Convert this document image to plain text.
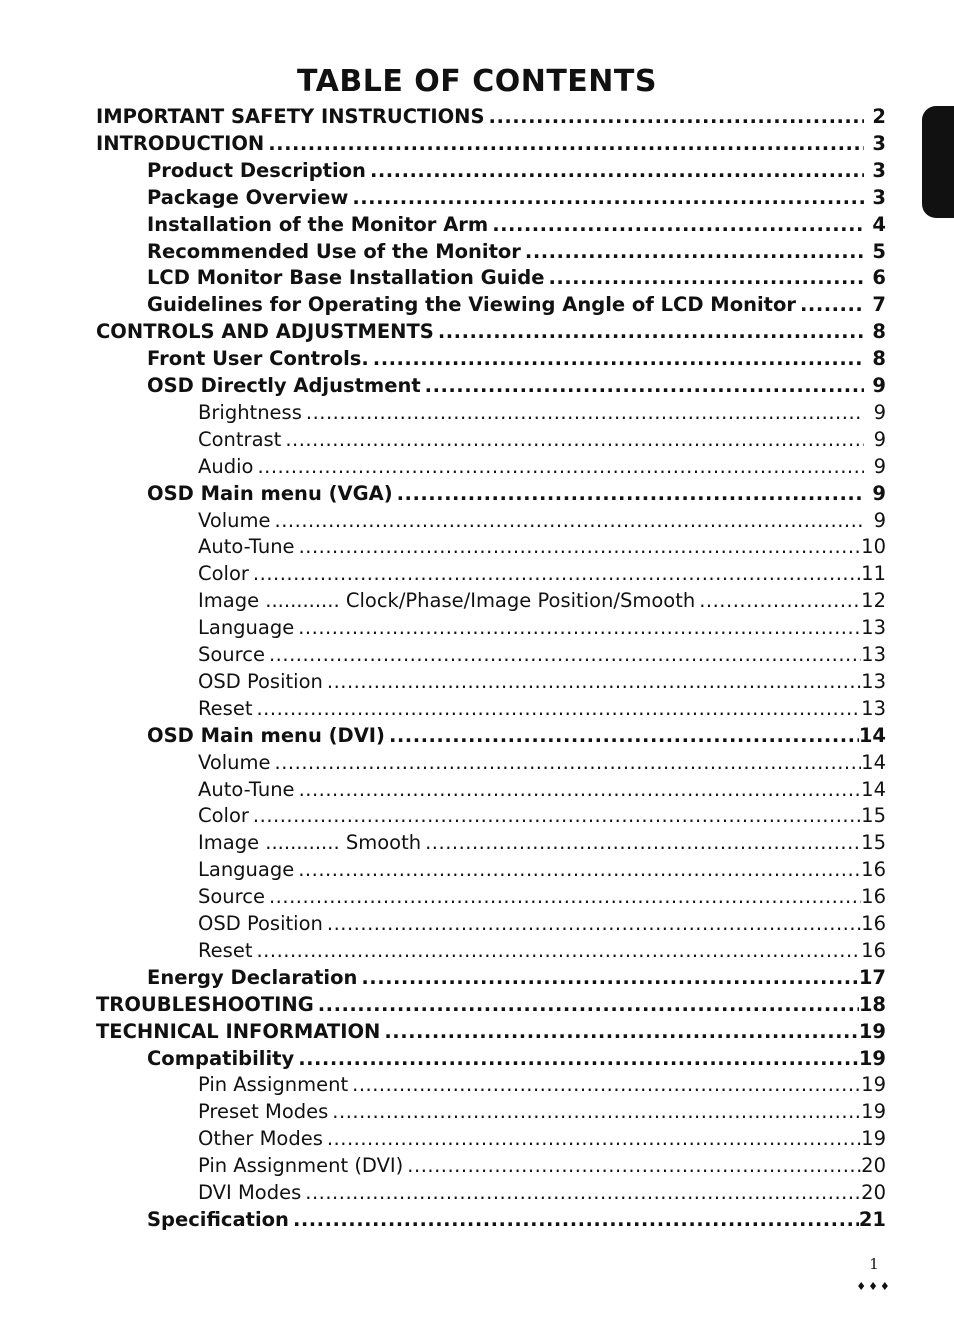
TABLE OF CONTENTS
IMPORTANT SAFETY INSTRUCTIONS .....	2
INTRODUCTION .....	3
Product Description .....	3
Package Overview .....	3
Installation of the Monitor Arm .....	4
Recommended Use of the Monitor .....	5
LCD Monitor Base Installation Guide .....	6
Guidelines for Operating the Viewing Angle of LCD Monitor .....	7
CONTROLS AND ADJUSTMENTS .....	8
Front User Controls. .....	8
OSD Directly Adjustment .....	9
Brightness .....	9
Contrast .....	9
Audio .....	9
OSD Main menu (VGA) .....	9
Volume .....	9
Auto-Tune .....	10
Color .....	11
Image ............ Clock/Phase/Image Position/Smooth .....	12
Language .....	13
Source .....	13
OSD Position .....	13
Reset .....	13
OSD Main menu (DVI) .....	14
Volume .....	14
Auto-Tune .....	14
Color .....	15
Image ............ Smooth .....	15
Language .....	16
Source .....	16
OSD Position .....	16
Reset .....	16
Energy Declaration .....	17
TROUBLESHOOTING .....	18
TECHNICAL INFORMATION .....	19
Compatibility .....	19
Pin Assignment .....	19
Preset Modes .....	19
Other Modes .....	19
Pin Assignment (DVI) .....	20
DVI Modes .....	20
Specification .....	21
1
♦♦♦
